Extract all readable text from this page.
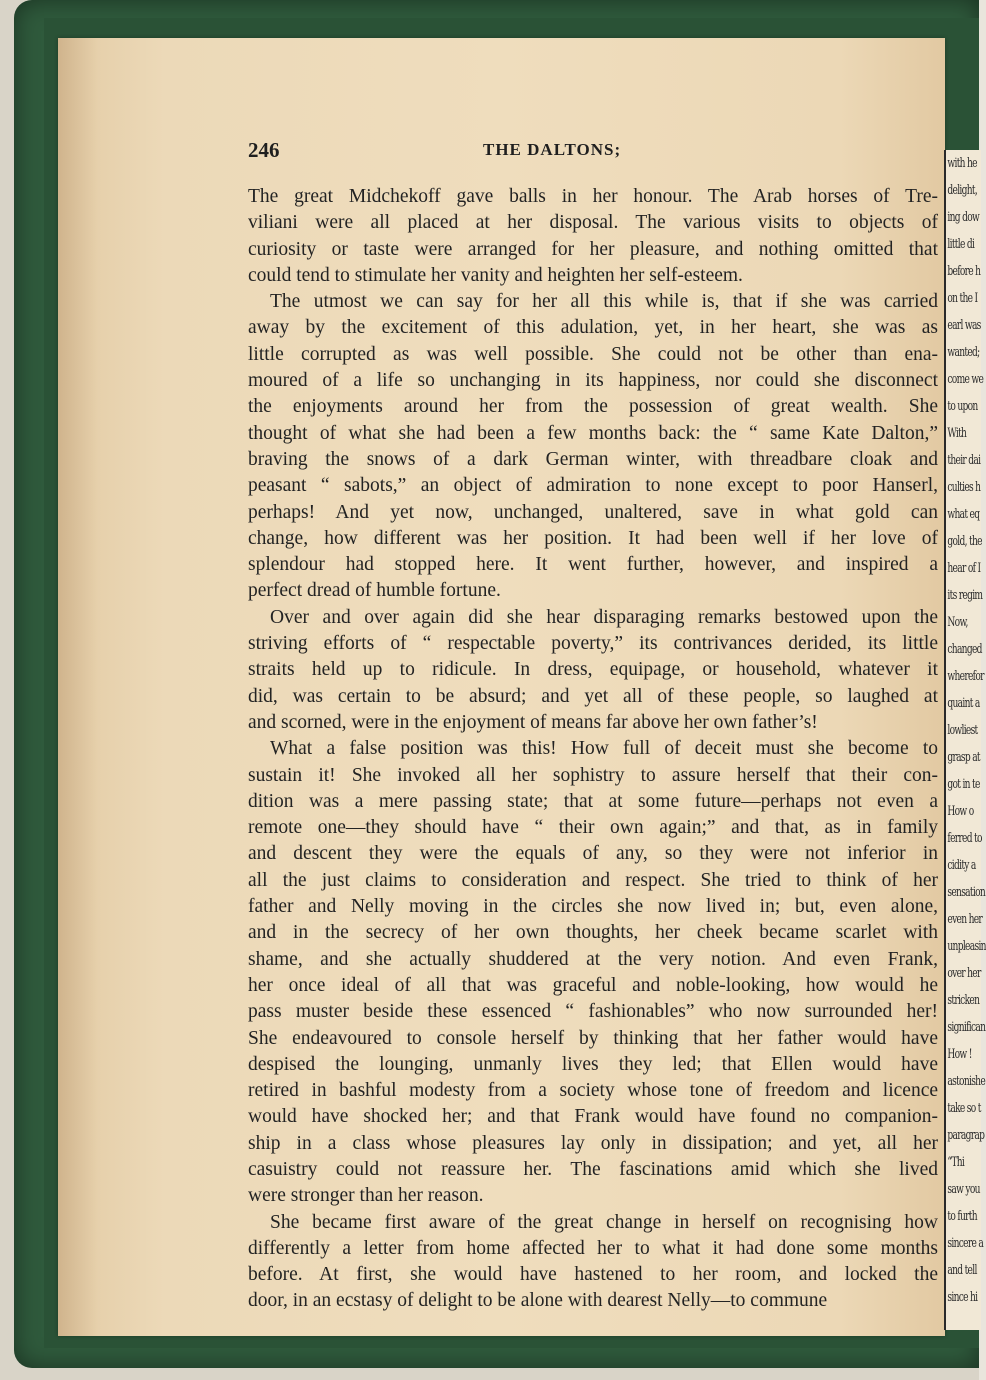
with he
delight,
ing dow
little di
before h
on the I
earl was
wanted;
come we
to upon
With
their dai
culties h
what eq
gold, the
hear of I
its regim
Now,
changed
wherefor
quaint a
lowliest
grasp at
got in te
How o
ferred to
cidity a
sensation
even her
unpleasin
over her
stricken
significan
How !
astonishe
take so t
paragrap
“Thi
saw you
to furth
sincere a
and tell
since hi
246	THE DALTONS;

The great Midchekoff gave balls in her honour. The Arab horses of Tre-
viliani were all placed at her disposal. The various visits to objects of
curiosity or taste were arranged for her pleasure, and nothing omitted that
could tend to stimulate her vanity and heighten her self-esteem.

The utmost we can say for her all this while is, that if she was carried
away by the excitement of this adulation, yet, in her heart, she was as
little corrupted as was well possible. She could not be other than ena-
moured of a life so unchanging in its happiness, nor could she disconnect
the enjoyments around her from the possession of great wealth. She
thought of what she had been a few months back: the “ same Kate Dalton,”
braving the snows of a dark German winter, with threadbare cloak and
peasant “ sabots,” an object of admiration to none except to poor Hanserl,
perhaps! And yet now, unchanged, unaltered, save in what gold can
change, how different was her position. It had been well if her love of
splendour had stopped here. It went further, however, and inspired a
perfect dread of humble fortune.

Over and over again did she hear disparaging remarks bestowed upon the
striving efforts of “ respectable poverty,” its contrivances derided, its little
straits held up to ridicule. In dress, equipage, or household, whatever it
did, was certain to be absurd; and yet all of these people, so laughed at
and scorned, were in the enjoyment of means far above her own father’s!

What a false position was this! How full of deceit must she become to
sustain it! She invoked all her sophistry to assure herself that their con-
dition was a mere passing state; that at some future—perhaps not even a
remote one—they should have “ their own again;” and that, as in family
and descent they were the equals of any, so they were not inferior in
all the just claims to consideration and respect. She tried to think of her
father and Nelly moving in the circles she now lived in; but, even alone,
and in the secrecy of her own thoughts, her cheek became scarlet with
shame, and she actually shuddered at the very notion. And even Frank,
her once ideal of all that was graceful and noble-looking, how would he
pass muster beside these essenced “ fashionables” who now surrounded her!
She endeavoured to console herself by thinking that her father would have
despised the lounging, unmanly lives they led; that Ellen would have
retired in bashful modesty from a society whose tone of freedom and licence
would have shocked her; and that Frank would have found no companion-
ship in a class whose pleasures lay only in dissipation; and yet, all her
casuistry could not reassure her. The fascinations amid which she lived
were stronger than her reason.

She became first aware of the great change in herself on recognising how
differently a letter from home affected her to what it had done some months
before. At first, she would have hastened to her room, and locked the
door, in an ecstasy of delight to be alone with dearest Nelly—to commune
